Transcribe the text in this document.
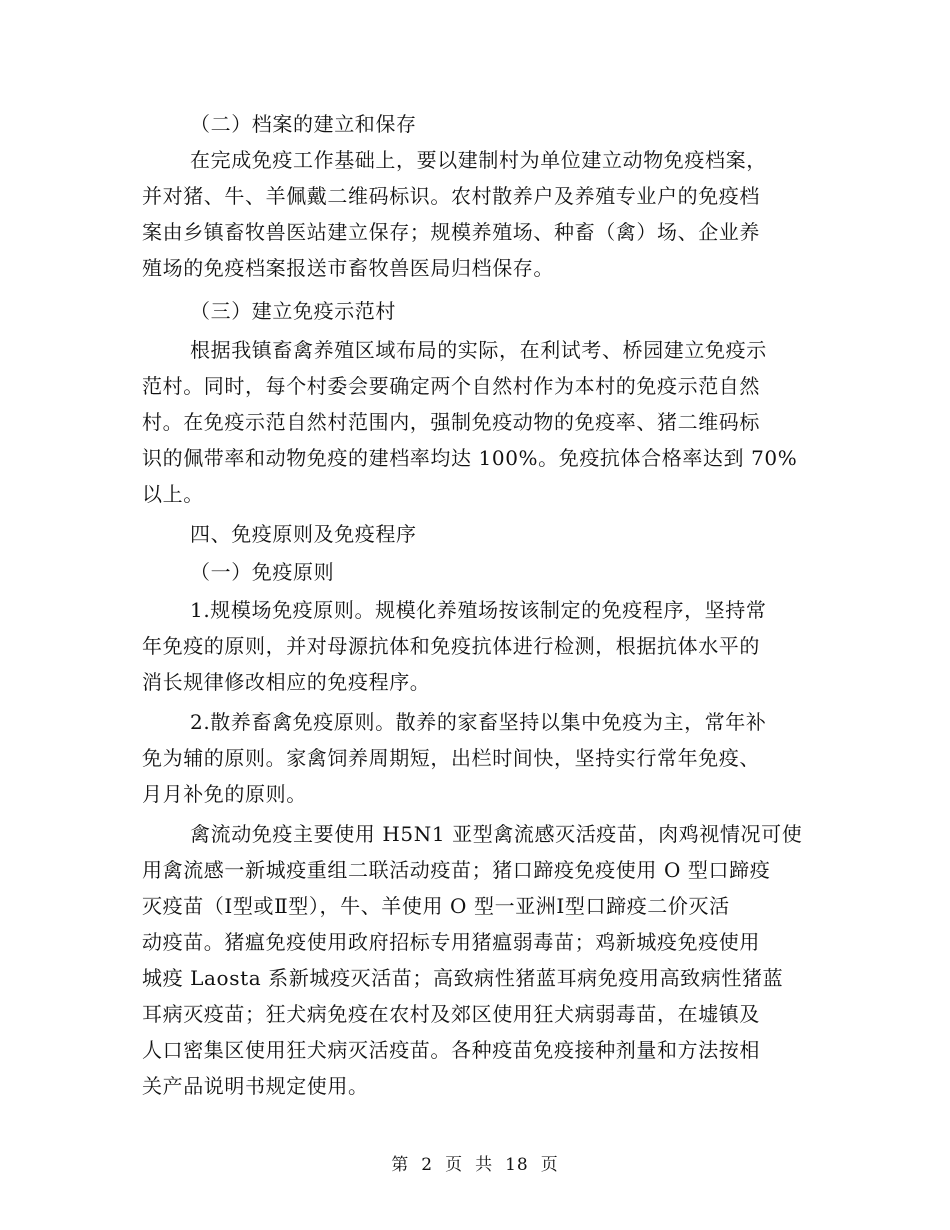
（二）档案的建立和保存
在完成免疫工作基础上，要以建制村为单位建立动物免疫档案，
并对猪、牛、羊佩戴二维码标识。农村散养户及养殖专业户的免疫档
案由乡镇畜牧兽医站建立保存；规模养殖场、种畜（禽）场、企业养
殖场的免疫档案报送市畜牧兽医局归档保存。
（三）建立免疫示范村
根据我镇畜禽养殖区域布局的实际，在利试考、桥园建立免疫示
范村。同时，每个村委会要确定两个自然村作为本村的免疫示范自然
村。在免疫示范自然村范围内，强制免疫动物的免疫率、猪二维码标
识的佩带率和动物免疫的建档率均达 100%。免疫抗体合格率达到 70%
以上。
四、免疫原则及免疫程序
（一）免疫原则
1.规模场免疫原则。规模化养殖场按该制定的免疫程序，坚持常
年免疫的原则，并对母源抗体和免疫抗体进行检测，根据抗体水平的
消长规律修改相应的免疫程序。
2.散养畜禽免疫原则。散养的家畜坚持以集中免疫为主，常年补
免为辅的原则。家禽饲养周期短，出栏时间快，坚持实行常年免疫、
月月补免的原则。
禽流动免疫主要使用 H5N1 亚型禽流感灭活疫苗，肉鸡视情况可使
用禽流感一新城疫重组二联活动疫苗；猪口蹄疫免疫使用 O 型口蹄疫
灭疫苗（Ⅰ型或Ⅱ型），牛、羊使用 O 型一亚洲Ⅰ型口蹄疫二价灭活
动疫苗。猪瘟免疫使用政府招标专用猪瘟弱毒苗；鸡新城疫免疫使用
城疫 Laosta 系新城疫灭活苗；高致病性猪蓝耳病免疫用高致病性猪蓝
耳病灭疫苗；狂犬病免疫在农村及郊区使用狂犬病弱毒苗，在墟镇及
人口密集区使用狂犬病灭活疫苗。各种疫苗免疫接种剂量和方法按相
关产品说明书规定使用。
第 2 页 共 18 页
